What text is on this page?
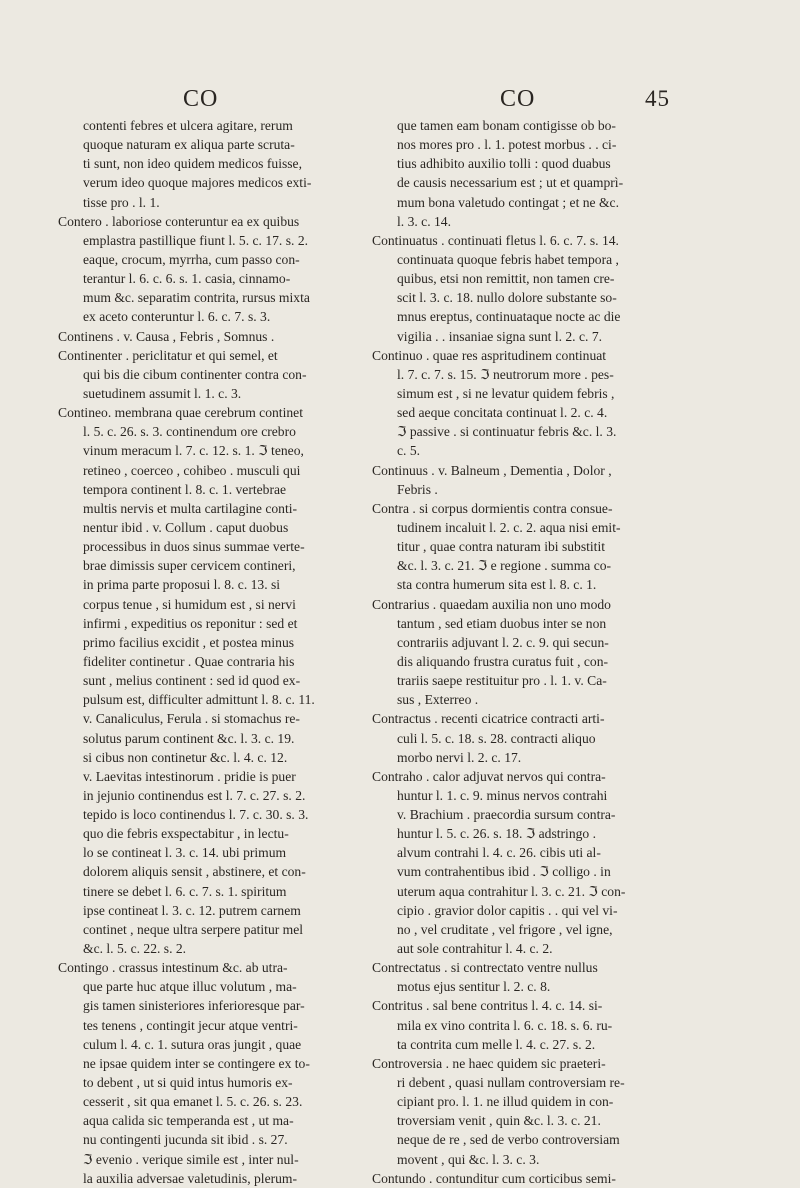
CO	CO	45
contenti febres et ulcera agitare, rerum
quoque naturam ex aliqua parte scruta-
ti sunt, non ideo quidem medicos fuisse,
verum ideo quoque majores medicos exti-
tisse pro . l. 1.
Contero . laboriose conteruntur ea ex quibus
emplastra pastillique fiunt l. 5. c. 17. s. 2.
eaque, crocum, myrrha, cum passo con-
terantur l. 6. c. 6. s. 1. casia, cinnamo-
mum &c. separatim contrita, rursus mixta
ex aceto conteruntur l. 6. c. 7. s. 3.
Continens . v. Causa , Febris , Somnus .
Continenter . periclitatur et qui semel, et
qui bis die cibum continenter contra con-
suetudinem assumit l. 1. c. 3.
Contineo. membrana quae cerebrum continet
l. 5. c. 26. s. 3. continendum ore crebro
vinum meracum l. 7. c. 12. s. 1. ℑ teneo,
retineo , coerceo , cohibeo . musculi qui
tempora continent l. 8. c. 1. vertebrae
multis nervis et multa cartilagine conti-
nentur ibid . v. Collum . caput duobus
processibus in duos sinus summae verte-
brae dimissis super cervicem contineri,
in prima parte proposui l. 8. c. 13. si
corpus tenue , si humidum est , si nervi
infirmi , expeditius os reponitur : sed et
primo facilius excidit , et postea minus
fideliter continetur . Quae contraria his
sunt , melius continent : sed id quod ex-
pulsum est, difficulter admittunt l. 8. c. 11.
v. Canaliculus, Ferula . si stomachus re-
solutus parum continent &c. l. 3. c. 19.
si cibus non continetur &c. l. 4. c. 12.
v. Laevitas intestinorum . pridie is puer
in jejunio continendus est l. 7. c. 27. s. 2.
tepido is loco continendus l. 7. c. 30. s. 3.
quo die febris exspectabitur , in lectu-
lo se contineat l. 3. c. 14. ubi primum
dolorem aliquis sensit , abstinere, et con-
tinere se debet l. 6. c. 7. s. 1. spiritum
ipse contineat l. 3. c. 12. putrem carnem
continet , neque ultra serpere patitur mel
&c. l. 5. c. 22. s. 2.
Contingo . crassus intestinum &c. ab utra-
que parte huc atque illuc volutum , ma-
gis tamen sinisteriores inferioresque par-
tes tenens , contingit jecur atque ventri-
culum l. 4. c. 1. sutura oras jungit , quae
ne ipsae quidem inter se contingere ex to-
to debent , ut si quid intus humoris ex-
cesserit , sit qua emanet l. 5. c. 26. s. 23.
aqua calida sic temperanda est , ut ma-
nu contingenti jucunda sit ibid . s. 27.
ℑ evenio . verique simile est , inter nul-
la auxilia adversae valetudinis, plerum-
que tamen eam bonam contigisse ob bo-
nos mores pro . l. 1. potest morbus . . ci-
tius adhibito auxilio tolli : quod duabus
de causis necessarium est ; ut et quamprì-
mum bona valetudo contingat ; et ne &c.
l. 3. c. 14.
Continuatus . continuati fletus l. 6. c. 7. s. 14.
continuata quoque febris habet tempora ,
quibus, etsi non remittit, non tamen cre-
scit l. 3. c. 18. nullo dolore substante so-
mnus ereptus, continuataque nocte ac die
vigilia . . insaniae signa sunt l. 2. c. 7.
Continuo . quae res aspritudinem continuat
l. 7. c. 7. s. 15. ℑ neutrorum more . pes-
simum est , si ne levatur quidem febris ,
sed aeque concitata continuat l. 2. c. 4.
ℑ passive . si continuatur febris &c. l. 3.
c. 5.
Continuus . v. Balneum , Dementia , Dolor ,
Febris .
Contra . si corpus dormientis contra consue-
tudinem incaluit l. 2. c. 2. aqua nisi emit-
titur , quae contra naturam ibi substitit
&c. l. 3. c. 21. ℑ e regione . summa co-
sta contra humerum sita est l. 8. c. 1.
Contrarius . quaedam auxilia non uno modo
tantum , sed etiam duobus inter se non
contrariis adjuvant l. 2. c. 9. qui secun-
dis aliquando frustra curatus fuit , con-
trariis saepe restituitur pro . l. 1. v. Ca-
sus , Exterreo .
Contractus . recenti cicatrice contracti arti-
culi l. 5. c. 18. s. 28. contracti aliquo
morbo nervi l. 2. c. 17.
Contraho . calor adjuvat nervos qui contra-
huntur l. 1. c. 9. minus nervos contrahi
v. Brachium . praecordia sursum contra-
huntur l. 5. c. 26. s. 18. ℑ adstringo .
alvum contrahi l. 4. c. 26. cibis uti al-
vum contrahentibus ibid . ℑ colligo . in
uterum aqua contrahitur l. 3. c. 21. ℑ con-
cipio . gravior dolor capitis . . qui vel vi-
no , vel cruditate , vel frigore , vel igne,
aut sole contrahitur l. 4. c. 2.
Contrectatus . si contrectato ventre nullus
motus ejus sentitur l. 2. c. 8.
Contritus . sal bene contritus l. 4. c. 14. si-
mila ex vino contrita l. 6. c. 18. s. 6. ru-
ta contrita cum melle l. 4. c. 27. s. 2.
Controversia . ne haec quidem sic praeteri-
ri debent , quasi nullam controversiam re-
cipiant pro. l. 1. ne illud quidem in con-
troversiam venit , quin &c. l. 3. c. 21.
neque de re , sed de verbo controversiam
movent , qui &c. l. 3. c. 3.
Contundo . contunditur cum corticibus semi-
